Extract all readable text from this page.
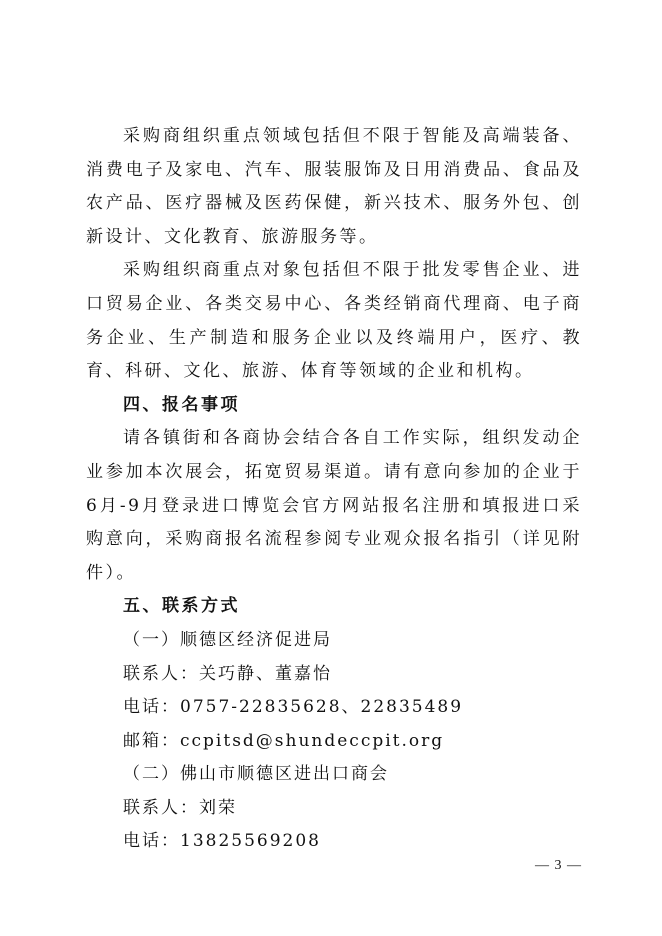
采购商组织重点领域包括但不限于智能及高端装备、消费电子及家电、汽车、服装服饰及日用消费品、食品及农产品、医疗器械及医药保健，新兴技术、服务外包、创新设计、文化教育、旅游服务等。

采购组织商重点对象包括但不限于批发零售企业、进口贸易企业、各类交易中心、各类经销商代理商、电子商务企业、生产制造和服务企业以及终端用户，医疗、教育、科研、文化、旅游、体育等领域的企业和机构。

四、报名事项

请各镇街和各商协会结合各自工作实际，组织发动企业参加本次展会，拓宽贸易渠道。请有意向参加的企业于6月-9月登录进口博览会官方网站报名注册和填报进口采购意向，采购商报名流程参阅专业观众报名指引（详见附件）。

五、联系方式

（一）顺德区经济促进局

联系人：关巧静、董嘉怡

电话：0757-22835628、22835489

邮箱：ccpitsd@shundeccpit.org

（二）佛山市顺德区进出口商会

联系人：刘荣

电话：13825569208

— 3 —
